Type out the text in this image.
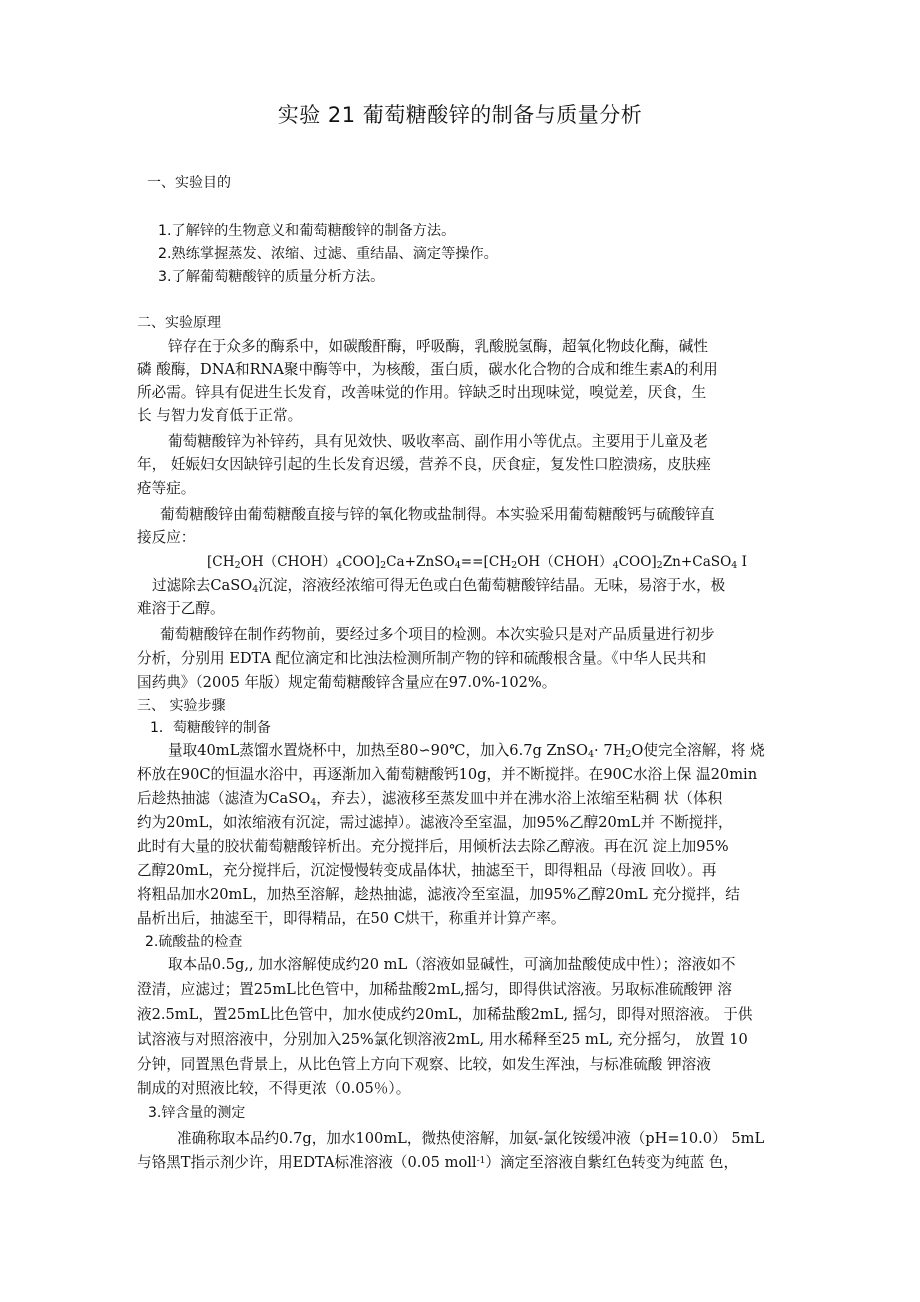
实验 21 葡萄糖酸锌的制备与质量分析
一、实验目的
1.了解锌的生物意义和葡萄糖酸锌的制备方法。
2.熟练掌握蒸发、浓缩、过滤、重结晶、滴定等操作。
3.了解葡萄糖酸锌的质量分析方法。
二、实验原理
锌存在于众多的酶系中，如碳酸酐酶，呼吸酶，乳酸脱氢酶，超氧化物歧化酶，碱性
磷 酸酶，DNA和RNA聚中酶等中，为核酸，蛋白质，碳水化合物的合成和维生素A的利用
所必需。锌具有促进生长发育，改善味觉的作用。锌缺乏时出现味觉，嗅觉差，厌食，生
长 与智力发育低于正常。
葡萄糖酸锌为补锌药，具有见效快、吸收率高、副作用小等优点。主要用于儿童及老
年， 妊娠妇女因缺锌引起的生长发育迟缓，营养不良，厌食症，复发性口腔溃疡，皮肤痤
疮等症。
葡萄糖酸锌由葡萄糖酸直接与锌的氧化物或盐制得。本实验采用葡萄糖酸钙与硫酸锌直
接反应：
$[CH_2OH(CHOH)_4COO]_2Ca+ZnSO_4==[CH_2OH(CHOH)_4COO]_2Zn+CaSO_4$ I
过滤除去CaSO$_4$沉淀，溶液经浓缩可得无色或白色葡萄糖酸锌结晶。无味，易溶于水，极
难溶于乙醇。
葡萄糖酸锌在制作药物前，要经过多个项目的检测。本次实验只是对产品质量进行初步
分析，分别用 EDTA 配位滴定和比浊法检测所制产物的锌和硫酸根含量。《中华人民共和
国药典》（2005 年版）规定葡萄糖酸锌含量应在97.0%-102%。
三、 实验步骤
1．萄糖酸锌的制备
量取40mL蒸馏水置烧杯中，加热至80∽90℃，加入6.7g ZnSO$_4$· $7H_2O$使完全溶解，将 烧
杯放在90C的恒温水浴中，再逐渐加入葡萄糖酸钙10g，并不断搅拌。在90C水浴上保 温20min
后趁热抽滤（滤渣为CaSO$_4$，弃去），滤液移至蒸发皿中并在沸水浴上浓缩至粘稠 状（体积
约为20mL，如浓缩液有沉淀，需过滤掉）。滤液冷至室温，加95%乙醇20mL并 不断搅拌，
此时有大量的胶状葡萄糖酸锌析出。充分搅拌后，用倾析法去除乙醇液。再在沉 淀上加95%
乙醇20mL，充分搅拌后，沉淀慢慢转变成晶体状，抽滤至干，即得粗品（母液 回收）。再
将粗品加水20mL，加热至溶解，趁热抽滤，滤液冷至室温，加95%乙醇20mL 充分搅拌，结
晶析出后，抽滤至干，即得精品，在50 C烘干，称重并计算产率。
2.硫酸盐的检查
取本品0.5g,, 加水溶解使成约20 mL（溶液如显碱性，可滴加盐酸使成中性）；溶液如不
澄清，应滤过；置25mL比色管中，加稀盐酸2mL,摇匀，即得供试溶液。另取标准硫酸钾 溶
液2.5mL，置25mL比色管中，加水使成约20mL，加稀盐酸2mL, 摇匀，即得对照溶液。 于供
试溶液与对照溶液中，分别加入25%氯化钡溶液2mL, 用水稀释至25 mL, 充分摇匀， 放置 10
分钟，同置黑色背景上，从比色管上方向下观察、比较，如发生浑浊，与标准硫酸 钾溶液
制成的对照液比较，不得更浓（0.05％）。
3.锌含量的测定
准确称取本品约0.7g，加水100mL，微热使溶解，加氨-氯化铵缓冲液（pH=10.0） 5mL
与铬黑T指示剂少许，用EDTA标准溶液（0.05 moll$^{-1}$）滴定至溶液自紫红色转变为纯蓝 色，
